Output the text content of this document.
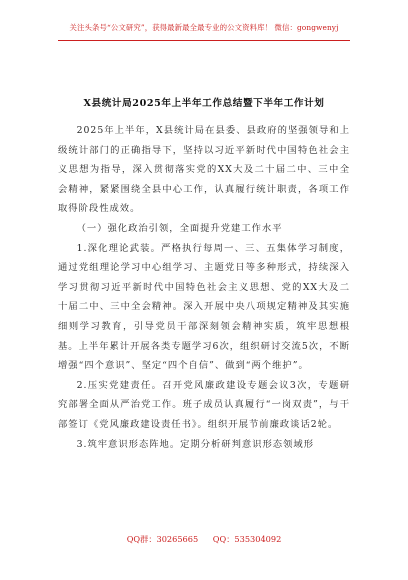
关注头条号“公文研究”，获得最新最全最专业的公文资料库！ 微信：gongwenyj
X县统计局2025年上半年工作总结暨下半年工作计划

2025年上半年，X县统计局在县委、县政府的坚强领导和上级统计部门的正确指导下，坚持以习近平新时代中国特色社会主义思想为指导，深入贯彻落实党的XX大及二十届二中、三中全会精神，紧紧围绕全县中心工作，认真履行统计职责，各项工作取得阶段性成效。

（一）强化政治引领，全面提升党建工作水平

1.深化理论武装。严格执行每周一、三、五集体学习制度，通过党组理论学习中心组学习、主题党日等多种形式，持续深入学习贯彻习近平新时代中国特色社会主义思想、党的XX大及二十届二中、三中全会精神。深入开展中央八项规定精神及其实施细则学习教育，引导党员干部深刻领会精神实质，筑牢思想根基。上半年累计开展各类专题学习6次，组织研讨交流5次，不断增强“四个意识”、坚定“四个自信”、做到“两个维护”。

2.压实党建责任。召开党风廉政建设专题会议3次，专题研究部署全面从严治党工作。班子成员认真履行“一岗双责”，与干部签订《党风廉政建设责任书》。组织开展节前廉政谈话2轮。

3.筑牢意识形态阵地。定期分析研判意识形态领域形

QQ群：30265665 QQ：535304092
